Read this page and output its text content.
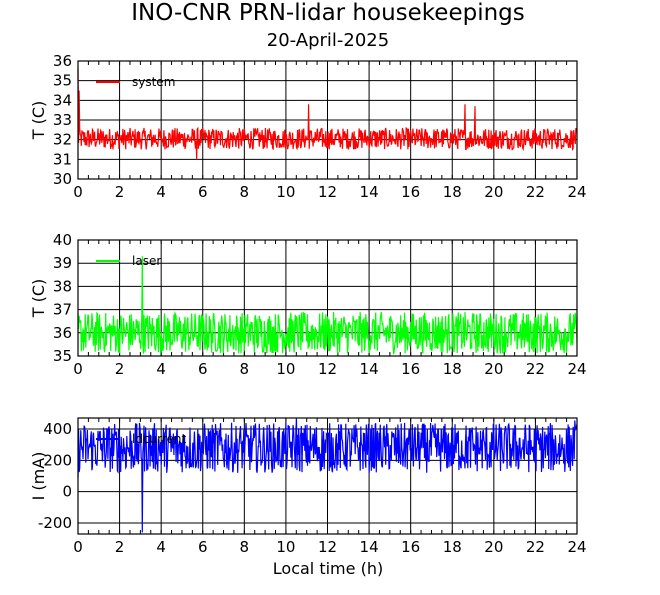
INO-CNR PRN-lidar housekeepings
20-April-2025
0 2 4 6 8 10 12 14 16 18 20 22 24
30
31
32
33
34
35
36
T (C)
system
0 2 4 6 8 10 12 14 16 18 20 22 24
35
36
37
38
39
40
T (C)
laser
0 2 4 6 8 10 12 14 16 18 20 22 24
-200
0
200
400
I (mA)
ldcurrent
Local time (h)
